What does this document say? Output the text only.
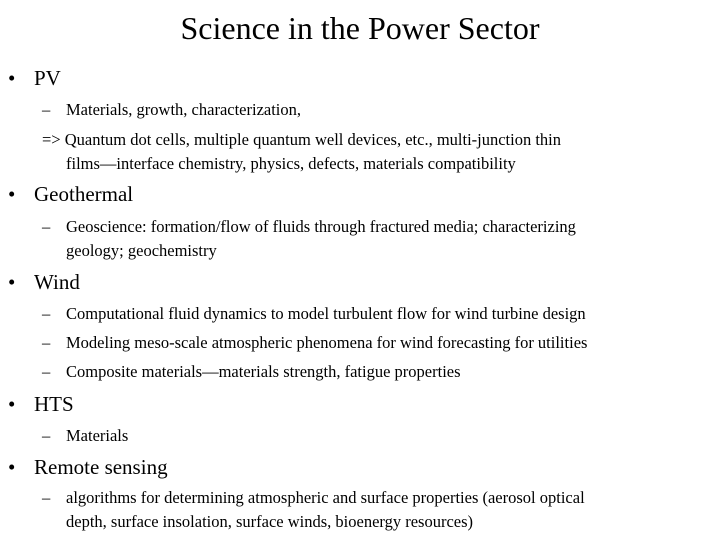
Science in the Power Sector
• PV
– Materials, growth, characterization,
=> Quantum dot cells, multiple quantum well devices, etc., multi-junction thin
films—interface chemistry, physics, defects, materials compatibility
• Geothermal
– Geoscience: formation/flow of fluids through fractured media; characterizing
geology; geochemistry
• Wind
– Computational fluid dynamics to model turbulent flow for wind turbine design
– Modeling meso-scale atmospheric phenomena for wind forecasting for utilities
– Composite materials—materials strength, fatigue properties
• HTS
– Materials
• Remote sensing
– algorithms for determining atmospheric and surface properties (aerosol optical
depth, surface insolation, surface winds, bioenergy resources)
